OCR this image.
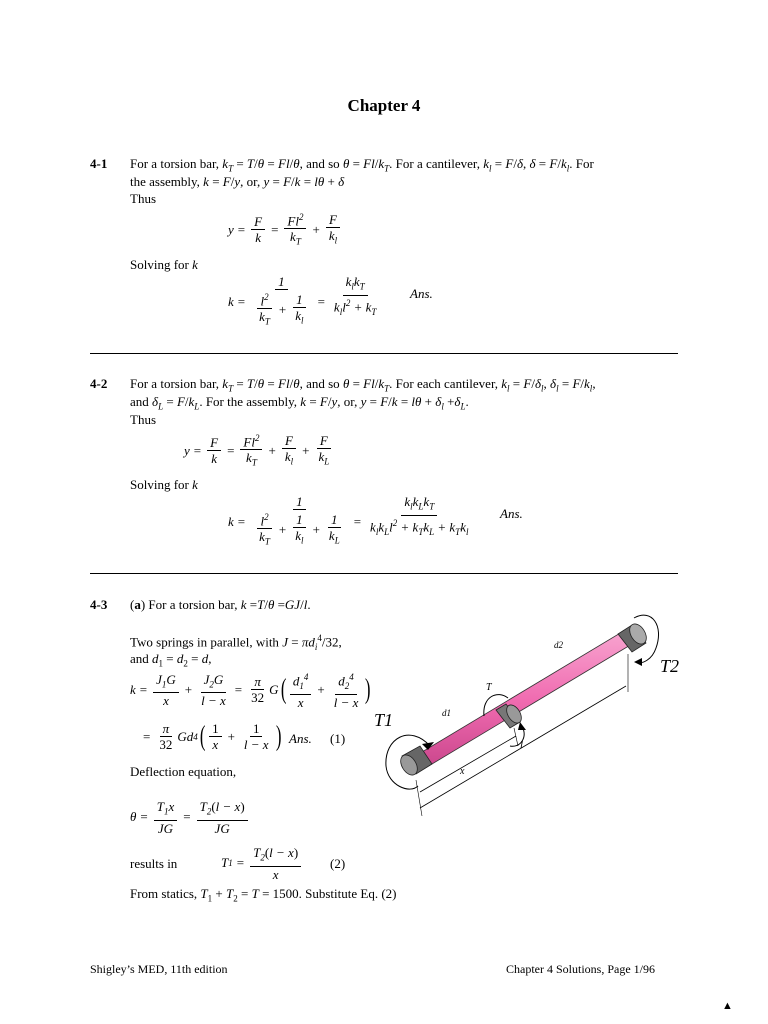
Chapter 4
4-1 For a torsion bar, $k_T = T/\theta = Fl/\theta$, and so $\theta = Fl/k_T$. For a cantilever, $k_l = F/\delta$, $\delta = F/k_l$. For
the assembly, k = F/y, or, y = F/k = lθ + δ
Thus
$y = \frac{F}{k} = \frac{Fl^2}{k_T} + \frac{F}{k_l}$
Solving for k
$k = \frac{1}{\frac{l^2}{k_T} + \frac{1}{k_l}} = \frac{k_lk_T}{k_ll^2 + k_T}$ Ans.
4-2 For a torsion bar, $k_T = T/\theta = Fl/\theta$, and so $\theta = Fl/k_T$. For each cantilever, $k_l = F/\delta_l$, $\delta_l = F/k_l$,
and $\delta_L = F/k_L$. For the assembly, k = F/y, or, $y = F/k = l\theta + \delta_l +\delta_L$.
Thus
$y = \frac{F}{k} = \frac{Fl^2}{k_T} + \frac{F}{k_l} + \frac{F}{k_L}$
Solving for k
$k = \frac{1}{\frac{l^2}{k_T} + \frac{1}{k_l} + \frac{1}{k_L}} = \frac{k_lk_Lk_T}{k_lk_Ll^2 + k_Tk_L + k_Tk_l}$ Ans.
4-3 (a) For a torsion bar, k =T/θ =GJ/l.
Two springs in parallel, with $J = \pi d_i^4/32$,
and $d_1 = d_2 = d$,
$k = \frac{J_1G}{x} + \frac{J_2G}{l - x} = \frac{\pi}{32}$ G ( $\frac{d_1^4}{x} + \frac{d_2^4}{l - x}$ )
= $\frac{\pi}{32}$ Gd 4 ( $\frac{1}{x} + \frac{1}{l - x}$ ) Ans. (1)
Deflection equation,
$\theta = \frac{T_1x}{JG} = \frac{T_2(l - x)}{JG}$
results in	T $1 = \frac{T_2(l - x)}{x} (2)$
From statics, $T_1 + T_2 = T = 1500$. Substitute Eq. (2)
T1
T2
T
d1
d2
x
l
Shigley’s MED, 11th edition	Chapter 4 Solutions, Page 1/96
▲
